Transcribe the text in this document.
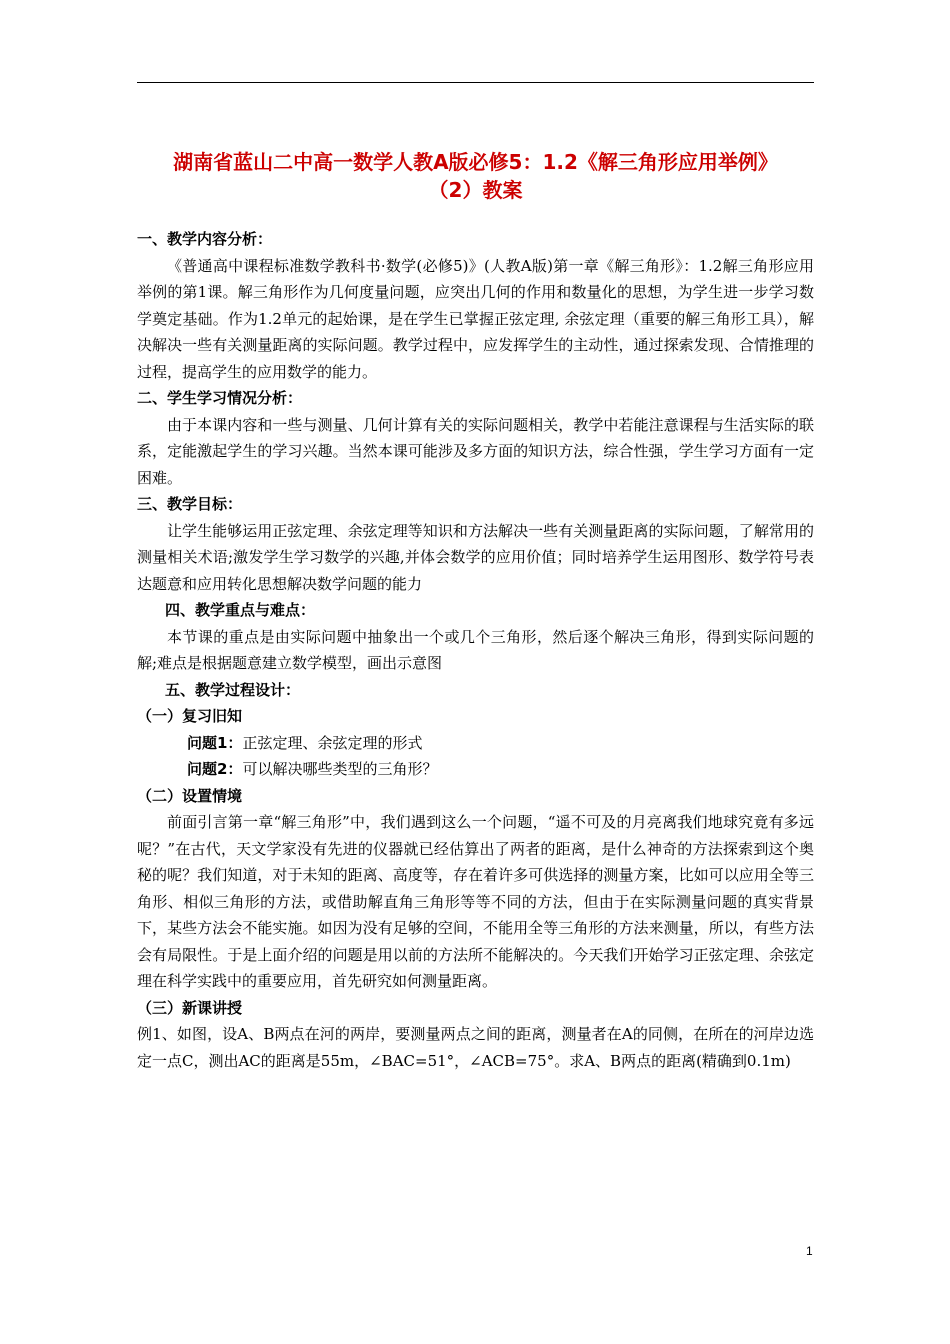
湖南省蓝山二中高一数学人教A版必修5：1.2《解三角形应用举例》
（2）教案

一、教学内容分析：

《普通高中课程标准数学教科书·数学(必修5)》(人教A版)第一章《解三角形》：1.2解三角形应用举例的第1课。解三角形作为几何度量问题，应突出几何的作用和数量化的思想，为学生进一步学习数学奠定基础。作为1.2单元的起始课，是在学生已掌握正弦定理, 余弦定理（重要的解三角形工具），解决解决一些有关测量距离的实际问题。教学过程中，应发挥学生的主动性，通过探索发现、合情推理的过程，提高学生的应用数学的能力。

二、学生学习情况分析：

由于本课内容和一些与测量、几何计算有关的实际问题相关，教学中若能注意课程与生活实际的联系，定能激起学生的学习兴趣。当然本课可能涉及多方面的知识方法，综合性强，学生学习方面有一定困难。

三、教学目标：

让学生能够运用正弦定理、余弦定理等知识和方法解决一些有关测量距离的实际问题，了解常用的测量相关术语;激发学生学习数学的兴趣,并体会数学的应用价值；同时培养学生运用图形、数学符号表达题意和应用转化思想解决数学问题的能力

四、教学重点与难点：

本节课的重点是由实际问题中抽象出一个或几个三角形，然后逐个解决三角形，得到实际问题的解;难点是根据题意建立数学模型，画出示意图

五、教学过程设计：

（一）复习旧知

问题1：正弦定理、余弦定理的形式

问题2：可以解决哪些类型的三角形？

（二）设置情境

前面引言第一章“解三角形”中，我们遇到这么一个问题，“遥不可及的月亮离我们地球究竟有多远呢？”在古代，天文学家没有先进的仪器就已经估算出了两者的距离，是什么神奇的方法探索到这个奥秘的呢？我们知道，对于未知的距离、高度等，存在着许多可供选择的测量方案，比如可以应用全等三角形、相似三角形的方法，或借助解直角三角形等等不同的方法，但由于在实际测量问题的真实背景下，某些方法会不能实施。如因为没有足够的空间，不能用全等三角形的方法来测量，所以，有些方法会有局限性。于是上面介绍的问题是用以前的方法所不能解决的。今天我们开始学习正弦定理、余弦定理在科学实践中的重要应用，首先研究如何测量距离。

（三）新课讲授

例1、如图，设A、B两点在河的两岸，要测量两点之间的距离，测量者在A的同侧，在所在的河岸边选定一点C，测出AC的距离是55m，∠BAC=51°，∠ACB=75°。求A、B两点的距离(精确到0.1m)

1
